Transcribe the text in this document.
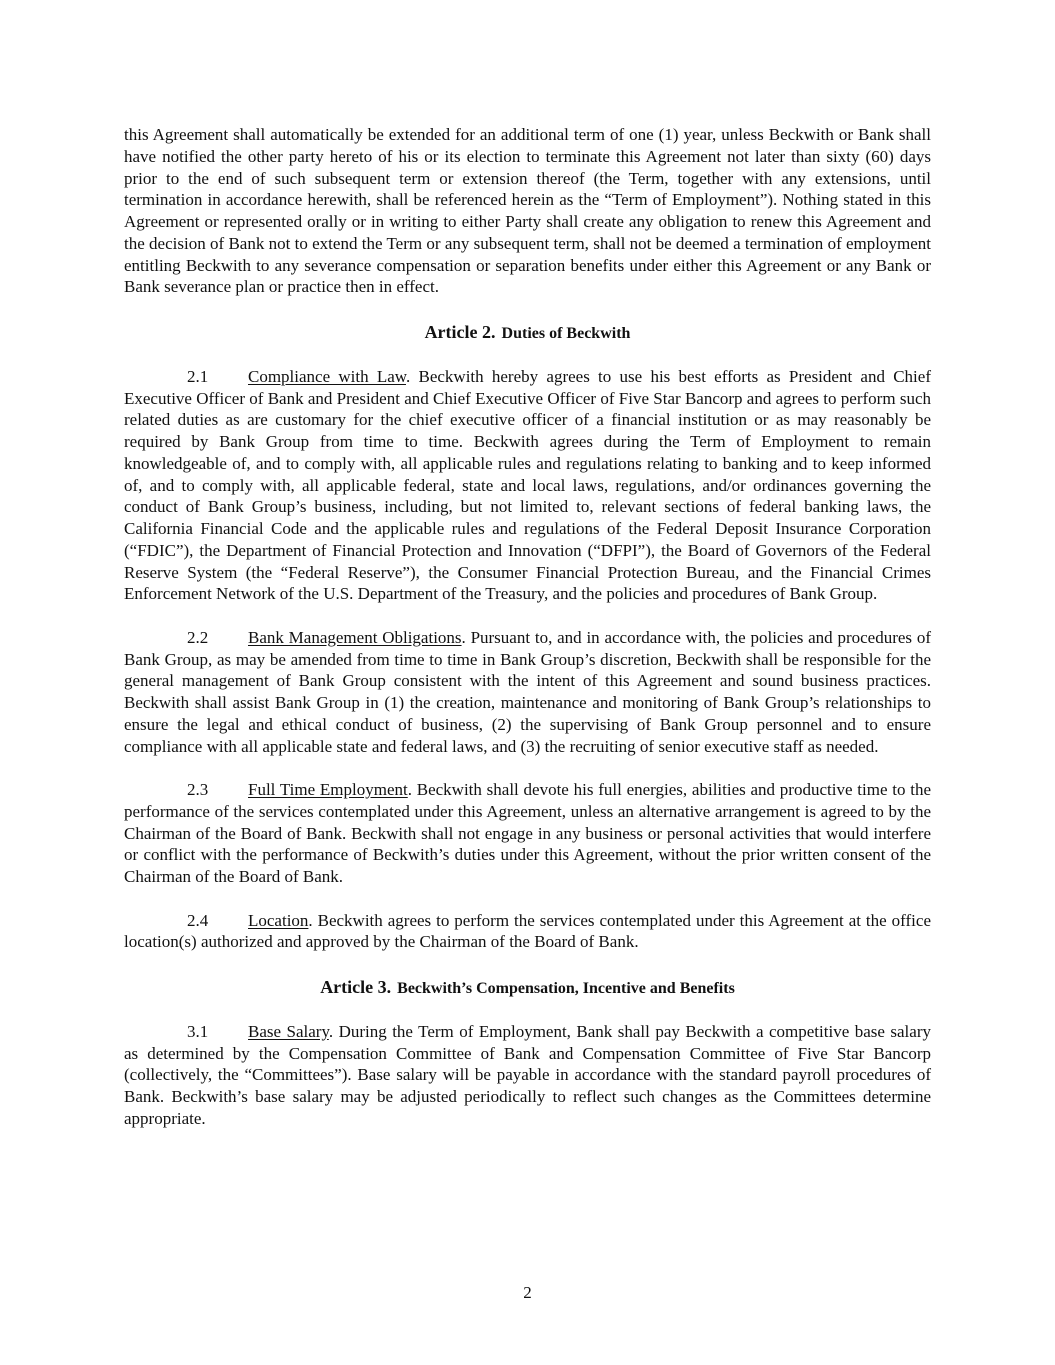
this Agreement shall automatically be extended for an additional term of one (1) year, unless Beckwith or Bank shall have notified the other party hereto of his or its election to terminate this Agreement not later than sixty (60) days prior to the end of such subsequent term or extension thereof (the Term, together with any extensions, until termination in accordance herewith, shall be referenced herein as the “Term of Employment”). Nothing stated in this Agreement or represented orally or in writing to either Party shall create any obligation to renew this Agreement and the decision of Bank not to extend the Term or any subsequent term, shall not be deemed a termination of employment entitling Beckwith to any severance compensation or separation benefits under either this Agreement or any Bank or Bank severance plan or practice then in effect.

Article 2. Duties of Beckwith

2.1 Compliance with Law. Beckwith hereby agrees to use his best efforts as President and Chief Executive Officer of Bank and President and Chief Executive Officer of Five Star Bancorp and agrees to perform such related duties as are customary for the chief executive officer of a financial institution or as may reasonably be required by Bank Group from time to time. Beckwith agrees during the Term of Employment to remain knowledgeable of, and to comply with, all applicable rules and regulations relating to banking and to keep informed of, and to comply with, all applicable federal, state and local laws, regulations, and/or ordinances governing the conduct of Bank Group’s business, including, but not limited to, relevant sections of federal banking laws, the California Financial Code and the applicable rules and regulations of the Federal Deposit Insurance Corporation (“FDIC”), the Department of Financial Protection and Innovation (“DFPI”), the Board of Governors of the Federal Reserve System (the “Federal Reserve”), the Consumer Financial Protection Bureau, and the Financial Crimes Enforcement Network of the U.S. Department of the Treasury, and the policies and procedures of Bank Group.

2.2 Bank Management Obligations. Pursuant to, and in accordance with, the policies and procedures of Bank Group, as may be amended from time to time in Bank Group’s discretion, Beckwith shall be responsible for the general management of Bank Group consistent with the intent of this Agreement and sound business practices. Beckwith shall assist Bank Group in (1) the creation, maintenance and monitoring of Bank Group’s relationships to ensure the legal and ethical conduct of business, (2) the supervising of Bank Group personnel and to ensure compliance with all applicable state and federal laws, and (3) the recruiting of senior executive staff as needed.

2.3 Full Time Employment. Beckwith shall devote his full energies, abilities and productive time to the performance of the services contemplated under this Agreement, unless an alternative arrangement is agreed to by the Chairman of the Board of Bank. Beckwith shall not engage in any business or personal activities that would interfere or conflict with the performance of Beckwith’s duties under this Agreement, without the prior written consent of the Chairman of the Board of Bank.

2.4 Location. Beckwith agrees to perform the services contemplated under this Agreement at the office location(s) authorized and approved by the Chairman of the Board of Bank.

Article 3. Beckwith’s Compensation, Incentive and Benefits

3.1 Base Salary. During the Term of Employment, Bank shall pay Beckwith a competitive base salary as determined by the Compensation Committee of Bank and Compensation Committee of Five Star Bancorp (collectively, the “Committees”). Base salary will be payable in accordance with the standard payroll procedures of Bank. Beckwith’s base salary may be adjusted periodically to reflect such changes as the Committees determine appropriate.

2
